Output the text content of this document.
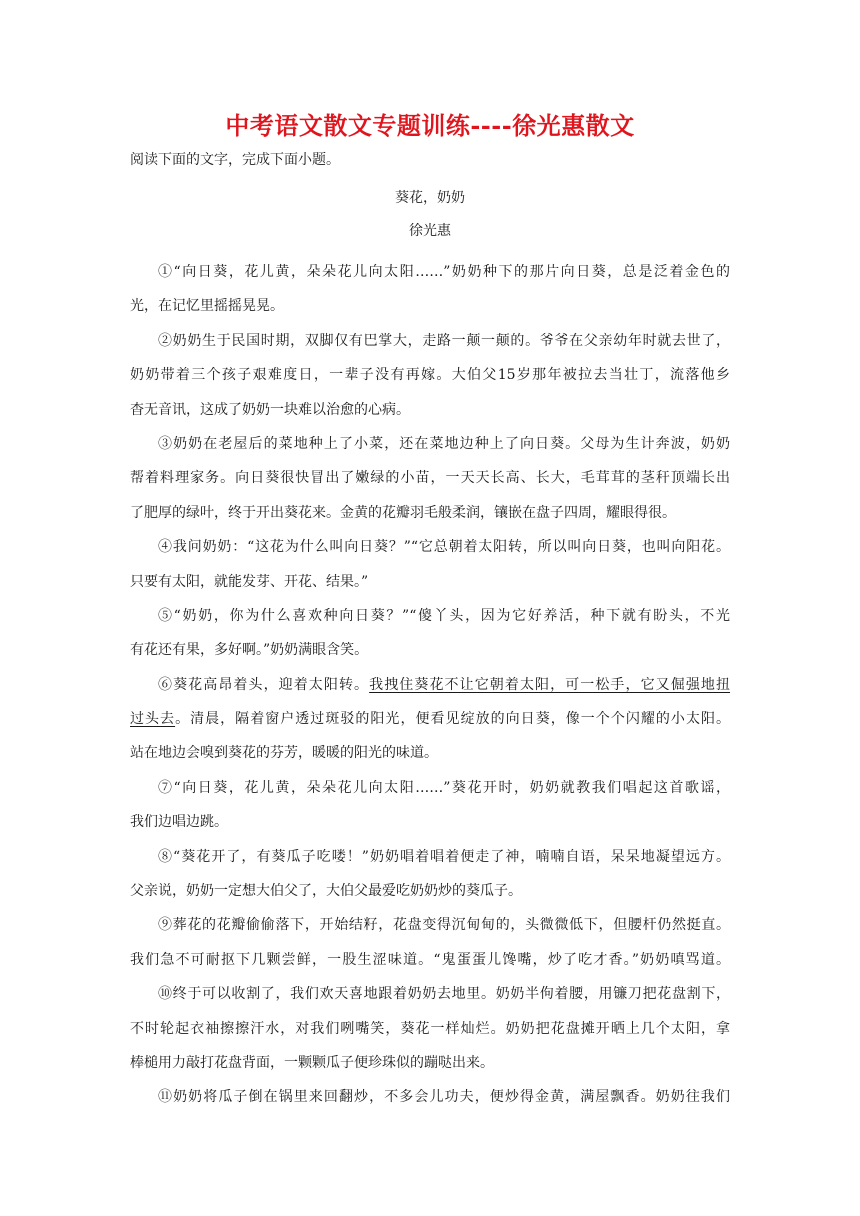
中考语文散文专题训练----徐光惠散文
阅读下面的文字，完成下面小题。
葵花，奶奶
徐光惠

①“向日葵，花儿黄，朵朵花儿向太阳……”奶奶种下的那片向日葵，总是泛着金色的
光，在记忆里摇摇晃晃。

②奶奶生于民国时期，双脚仅有巴掌大，走路一颠一颠的。爷爷在父亲幼年时就去世了，
奶奶带着三个孩子艰难度日，一辈子没有再嫁。大伯父15岁那年被拉去当壮丁，流落他乡
杳无音讯，这成了奶奶一块难以治愈的心病。

③奶奶在老屋后的菜地种上了小菜，还在菜地边种上了向日葵。父母为生计奔波，奶奶
帮着料理家务。向日葵很快冒出了嫩绿的小苗，一天天长高、长大，毛茸茸的茎秆顶端长出
了肥厚的绿叶，终于开出葵花来。金黄的花瓣羽毛般柔润，镶嵌在盘子四周，耀眼得很。

④我问奶奶：“这花为什么叫向日葵？”“它总朝着太阳转，所以叫向日葵，也叫向阳花。
只要有太阳，就能发芽、开花、结果。”

⑤“奶奶，你为什么喜欢种向日葵？”“傻丫头，因为它好养活，种下就有盼头，不光
有花还有果，多好啊。”奶奶满眼含笑。

⑥葵花高昂着头，迎着太阳转。我拽住葵花不让它朝着太阳，可一松手，它又倔强地扭
过头去。清晨，隔着窗户透过斑驳的阳光，便看见绽放的向日葵，像一个个闪耀的小太阳。
站在地边会嗅到葵花的芬芳，暖暖的阳光的味道。

⑦“向日葵，花儿黄，朵朵花儿向太阳……”葵花开时，奶奶就教我们唱起这首歌谣，
我们边唱边跳。

⑧“葵花开了，有葵瓜子吃喽！”奶奶唱着唱着便走了神，喃喃自语，呆呆地凝望远方。
父亲说，奶奶一定想大伯父了，大伯父最爱吃奶奶炒的葵瓜子。

⑨葬花的花瓣偷偷落下，开始结籽，花盘变得沉甸甸的，头微微低下，但腰杆仍然挺直。
我们急不可耐抠下几颗尝鲜，一股生涩味道。“鬼蛋蛋儿馋嘴，炒了吃才香。”奶奶嗔骂道。

⑩终于可以收割了，我们欢天喜地跟着奶奶去地里。奶奶半佝着腰，用镰刀把花盘割下，
不时轮起衣袖擦擦汗水，对我们咧嘴笑，葵花一样灿烂。奶奶把花盘摊开晒上几个太阳，拿
棒槌用力敲打花盘背面，一颗颗瓜子便珍珠似的蹦哒出来。

⑪奶奶将瓜子倒在锅里来回翻炒，不多会儿功夫，便炒得金黄，满屋飘香。奶奶往我们
